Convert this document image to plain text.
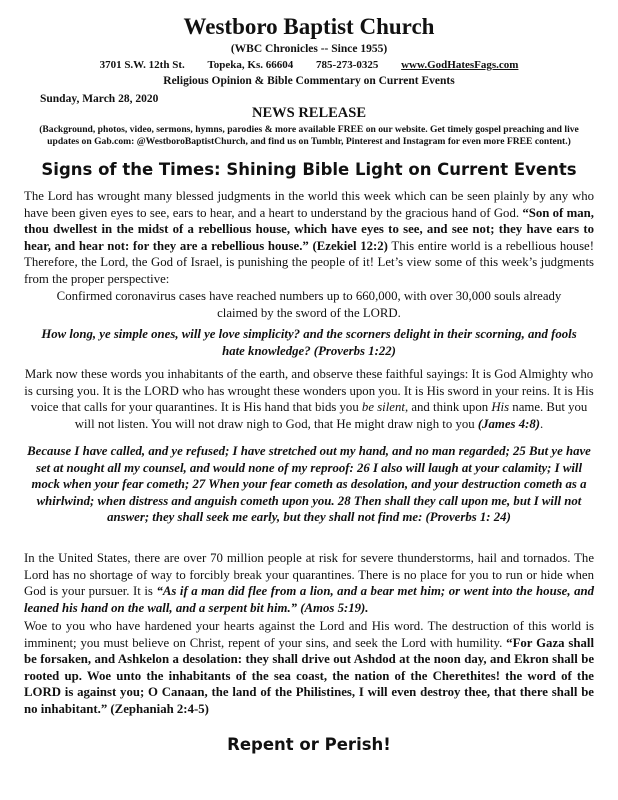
Westboro Baptist Church
(WBC Chronicles -- Since 1955)
3701 S.W. 12th St. Topeka, Ks. 66604 785-273-0325 www.GodHatesFags.com
Religious Opinion & Bible Commentary on Current Events
Sunday, March 28, 2020
NEWS RELEASE
(Background, photos, video, sermons, hymns, parodies & more available FREE on our website. Get timely gospel preaching and live updates on Gab.com: @WestboroBaptistChurch, and find us on Tumblr, Pinterest and Instagram for even more FREE content.)
Signs of the Times: Shining Bible Light on Current Events
The Lord has wrought many blessed judgments in the world this week which can be seen plainly by any who have been given eyes to see, ears to hear, and a heart to understand by the gracious hand of God. “Son of man, thou dwellest in the midst of a rebellious house, which have eyes to see, and see not; they have ears to hear, and hear not: for they are a rebellious house.” (Ezekiel 12:2) This entire world is a rebellious house! Therefore, the Lord, the God of Israel, is punishing the people of it! Let’s view some of this week’s judgments from the proper perspective:
Confirmed coronavirus cases have reached numbers up to 660,000, with over 30,000 souls already claimed by the sword of the LORD.
How long, ye simple ones, will ye love simplicity? and the scorners delight in their scorning, and fools hate knowledge? (Proverbs 1:22)
Mark now these words you inhabitants of the earth, and observe these faithful sayings: It is God Almighty who is cursing you. It is the LORD who has wrought these wonders upon you. It is His sword in your reins. It is His voice that calls for your quarantines. It is His hand that bids you be silent, and think upon His name. But you will not listen. You will not draw nigh to God, that He might draw nigh to you (James 4:8).
Because I have called, and ye refused; I have stretched out my hand, and no man regarded; 25 But ye have set at nought all my counsel, and would none of my reproof: 26 I also will laugh at your calamity; I will mock when your fear cometh; 27 When your fear cometh as desolation, and your destruction cometh as a whirlwind; when distress and anguish cometh upon you. 28 Then shall they call upon me, but I will not answer; they shall seek me early, but they shall not find me: (Proverbs 1: 24)
In the United States, there are over 70 million people at risk for severe thunderstorms, hail and tornados. The Lord has no shortage of way to forcibly break your quarantines. There is no place for you to run or hide when God is your pursuer. It is “As if a man did flee from a lion, and a bear met him; or went into the house, and leaned his hand on the wall, and a serpent bit him.” (Amos 5:19).
Woe to you who have hardened your hearts against the Lord and His word. The destruction of this world is imminent; you must believe on Christ, repent of your sins, and seek the Lord with humility. “For Gaza shall be forsaken, and Ashkelon a desolation: they shall drive out Ashdod at the noon day, and Ekron shall be rooted up. Woe unto the inhabitants of the sea coast, the nation of the Cherethites! the word of the LORD is against you; O Canaan, the land of the Philistines, I will even destroy thee, that there shall be no inhabitant.” (Zephaniah 2:4-5)
Repent or Perish!
